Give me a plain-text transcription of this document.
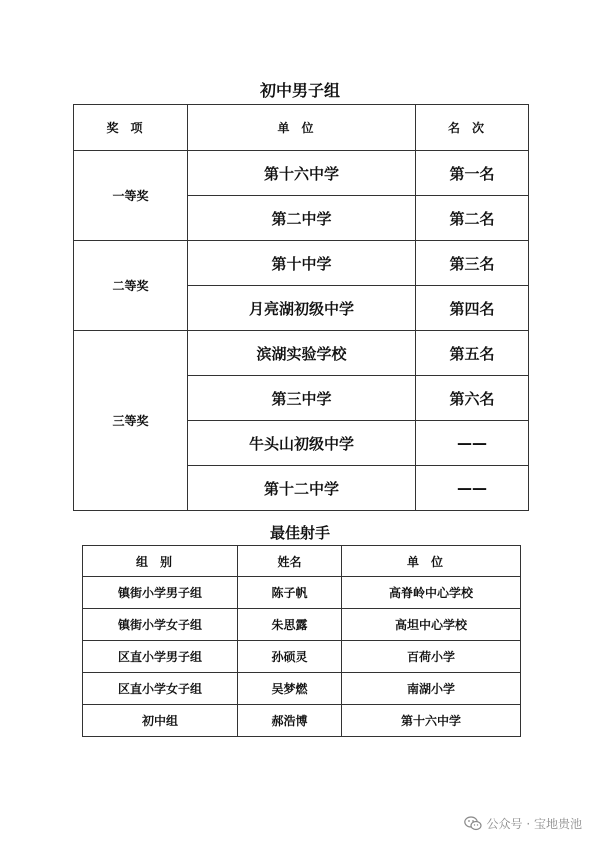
初中男子组
奖项	单位	名次
一等奖	第十六中学	第一名
	第二中学	第二名
二等奖	第十中学	第三名
	月亮湖初级中学	第四名
三等奖	滨湖实验学校	第五名
	第三中学	第六名
	牛头山初级中学	——
	第十二中学	——
最佳射手
组别	姓名	单位
镇街小学男子组	陈子帆	高脊岭中心学校
镇街小学女子组	朱思露	高坦中心学校
区直小学男子组	孙硕灵	百荷小学
区直小学女子组	吴梦燃	南湖小学
初中组	郝浩博	第十六中学
公众号 · 宝地贵池
